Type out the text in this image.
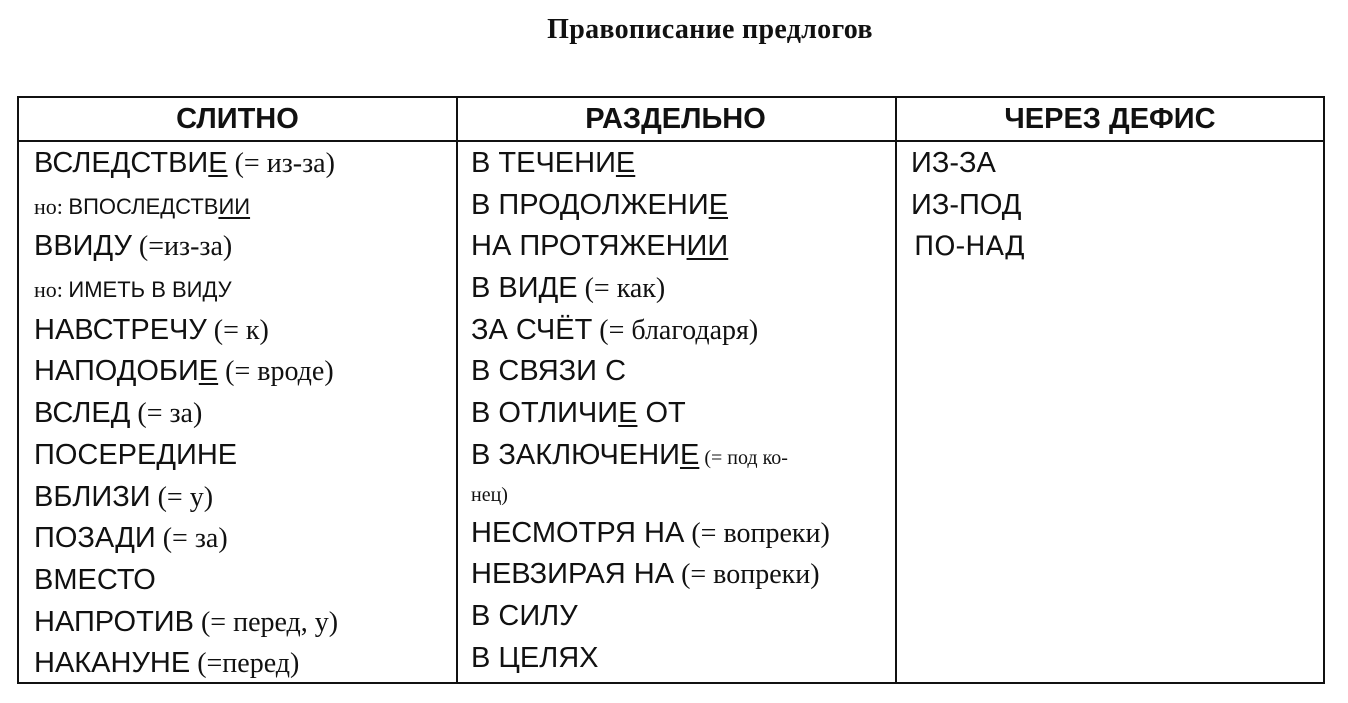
Правописание предлогов
СЛИТНО	РАЗДЕЛЬНО	ЧЕРЕЗ ДЕФИС
ВСЛЕДСТВИЕ (= из-за)
но: ВПОСЛЕДСТВИИ
ВВИДУ (=из-за)
но: ИМЕТЬ В ВИДУ
НАВСТРЕЧУ (= к)
НАПОДОБИЕ (= вроде)
ВСЛЕД (= за)
ПОСЕРЕДИНЕ
ВБЛИЗИ (= у)
ПОЗАДИ (= за)
ВМЕСТО
НАПРОТИВ (= перед, у)
НАКАНУНЕ (=перед)
В ТЕЧЕНИЕ
В ПРОДОЛЖЕНИЕ
НА ПРОТЯЖЕНИИ
В ВИДЕ (= как)
ЗА СЧЁТ (= благодаря)
В СВЯЗИ С
В ОТЛИЧИЕ ОТ
В ЗАКЛЮЧЕНИЕ (= под ко-
нец)
НЕСМОТРЯ НА (= вопреки)
НЕВЗИРАЯ НА (= вопреки)
В СИЛУ
В ЦЕЛЯХ
ИЗ-ЗА
ИЗ-ПОД
ПО-НАД
